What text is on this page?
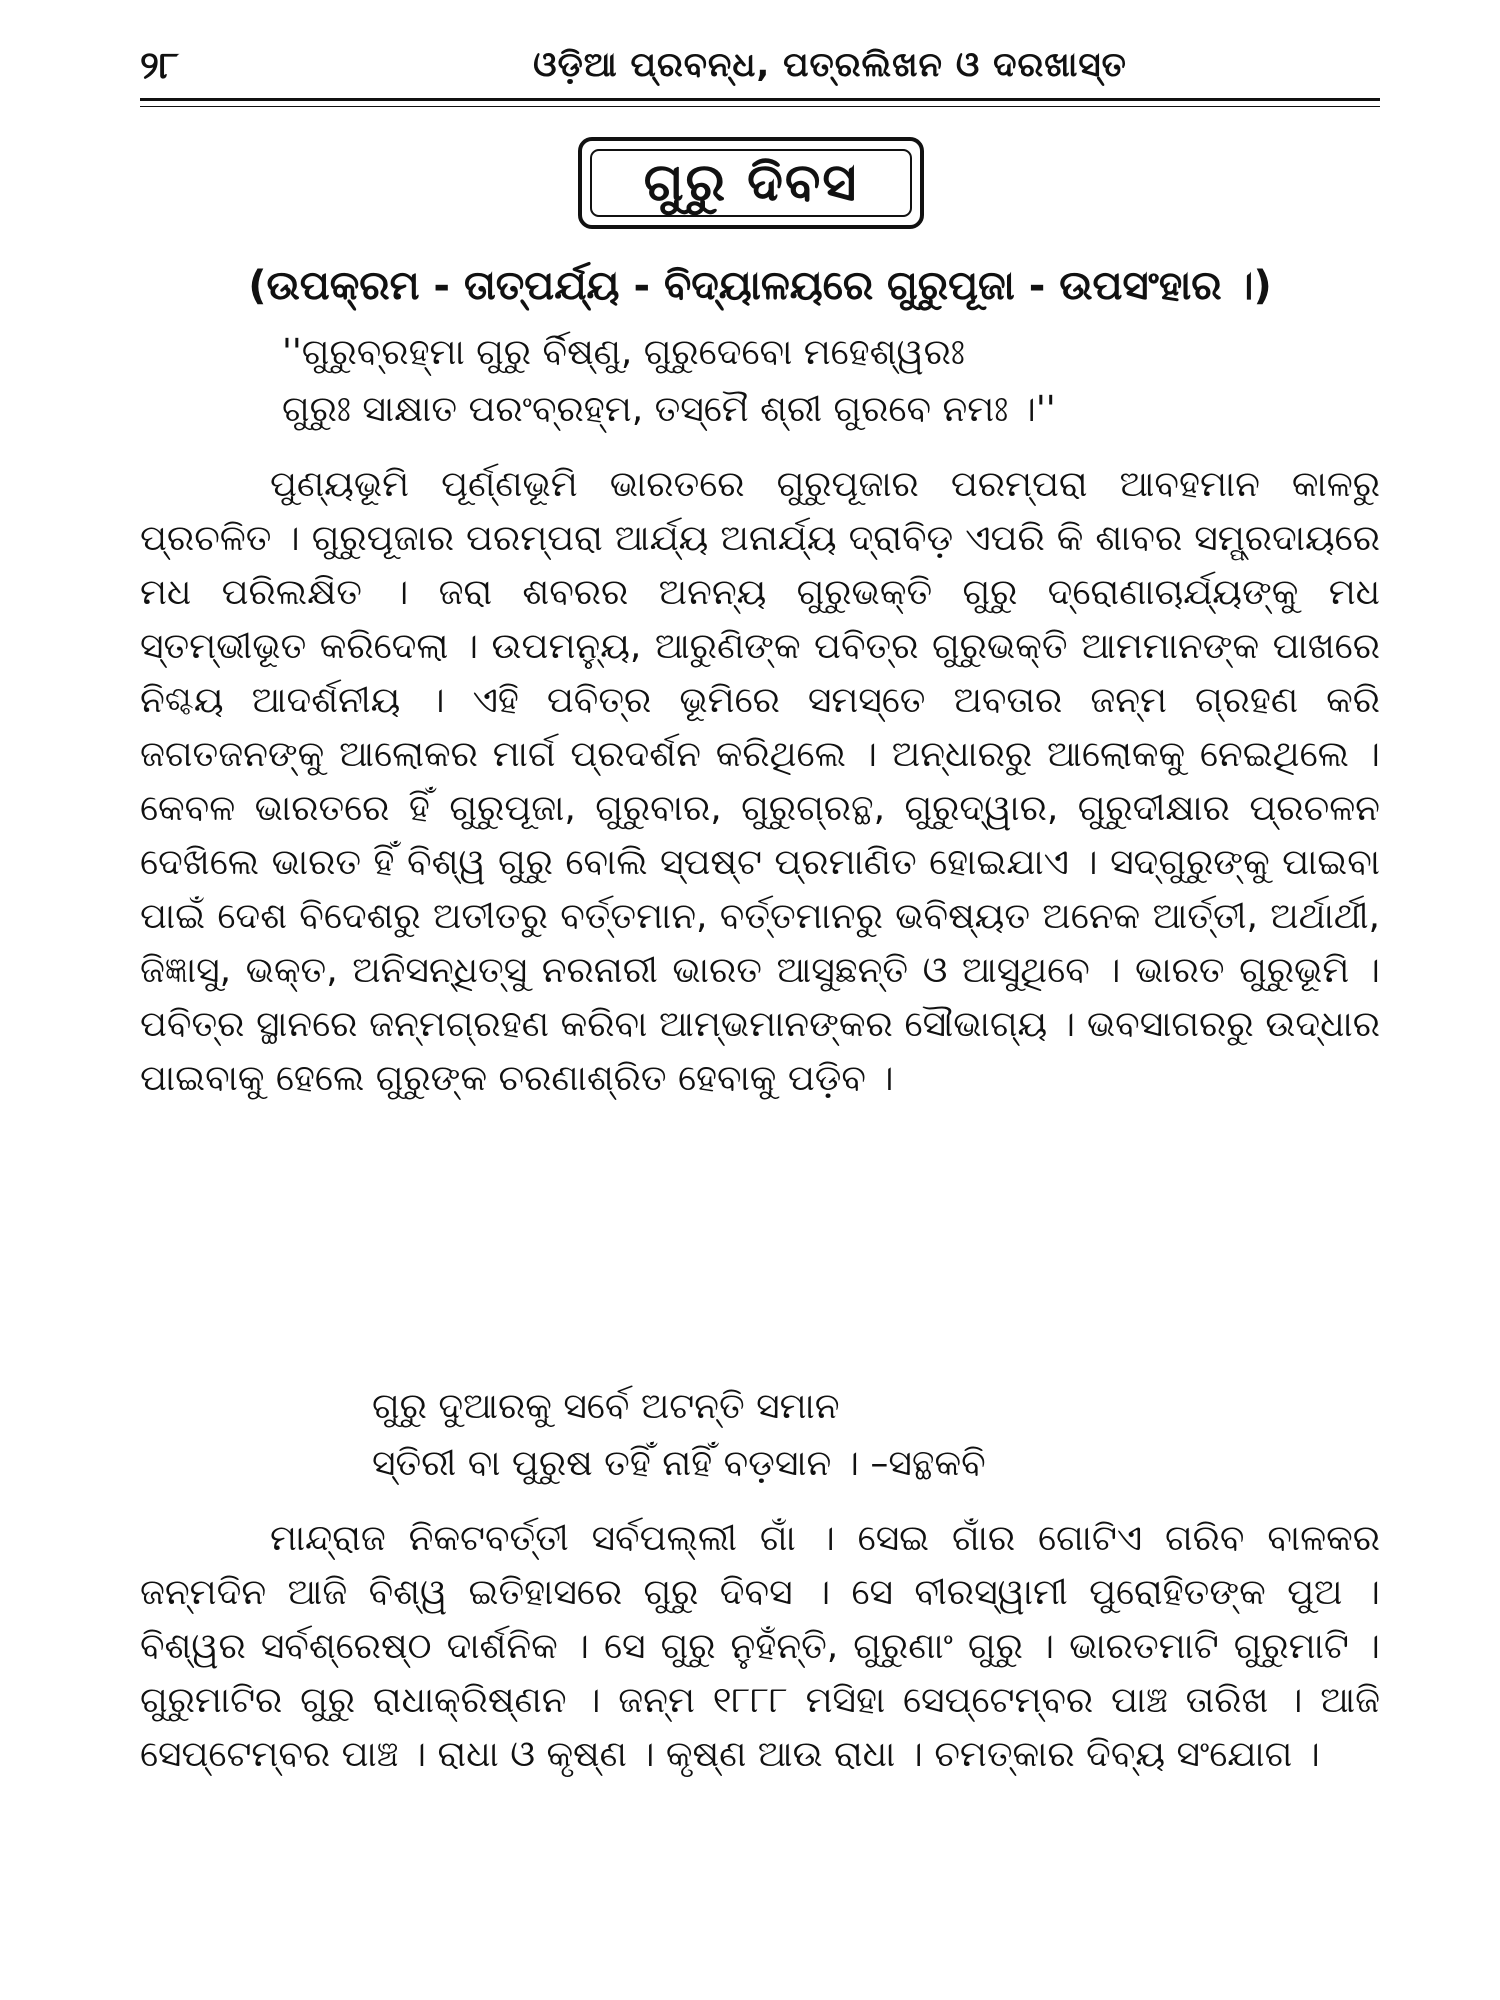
୨୮	ଓଡ଼ିଆ ପ୍ରବନ୍ଧ, ପତ୍ରଲିଖନ ଓ ଦରଖାସ୍ତ
ଗୁରୁ ଦିବସ
(ଉପକ୍ରମ - ତାତ୍ପର୍ଯ୍ୟ - ବିଦ୍ୟାଳୟରେ ଗୁରୁପୂଜା - ଉପସଂହାର ।)
''ଗୁରୁବ୍ରହ୍ମା ଗୁରୁ ର୍ବିଷ୍ଣୁ, ଗୁରୁଦେବୋ ମହେଶ୍ୱରଃ
ଗୁରୁଃ ସାକ୍ଷାତ ପରଂବ୍ରହ୍ମ, ତସ୍ମୈ ଶ୍ରୀ ଗୁରବେ ନମଃ ।''

ପୁଣ୍ୟଭୂମି ପୂର୍ଣ୍ଣଭୂମି ଭାରତରେ ଗୁରୁପୂଜାର ପରମ୍ପରା ଆବହମାନ କାଳରୁ ପ୍ରଚଳିତ । ଗୁରୁପୂଜାର ପରମ୍ପରା ଆର୍ଯ୍ୟ ଅନାର୍ଯ୍ୟ ଦ୍ରାବିଡ଼ ଏପରି କି ଶାବର ସମ୍ପ୍ରଦାୟରେ ମଧ ପରିଲକ୍ଷିତ । ଜରା ଶବରର ଅନନ୍ୟ ଗୁରୁଭକ୍ତି ଗୁରୁ ଦ୍ରୋଣାଚାର୍ଯ୍ୟଙ୍କୁ ମଧ ସ୍ତମ୍ଭୀଭୂତ କରିଦେଲା । ଉପମନ୍ୟୁ, ଆରୁଣିଙ୍କ ପବିତ୍ର ଗୁରୁଭକ୍ତି ଆମମାନଙ୍କ ପାଖରେ ନିଶ୍ଚୟ ଆଦର୍ଶନୀୟ । ଏହି ପବିତ୍ର ଭୂମିରେ ସମସ୍ତେ ଅବତାର ଜନ୍ମ ଗ୍ରହଣ କରି ଜଗତଜନଙ୍କୁ ଆଲୋକର ମାର୍ଗ ପ୍ରଦର୍ଶନ କରିଥିଲେ । ଅନ୍ଧାରରୁ ଆଲୋକକୁ ନେଇଥିଲେ । କେବଳ ଭାରତରେ ହିଁ ଗୁରୁପୂଜା, ଗୁରୁବାର, ଗୁରୁଗ୍ରନ୍ଥ, ଗୁରୁଦ୍ୱାର, ଗୁରୁଦୀକ୍ଷାର ପ୍ରଚଳନ ଦେଖିଲେ ଭାରତ ହିଁ ବିଶ୍ୱ ଗୁରୁ ବୋଲି ସ୍ପଷ୍ଟ ପ୍ରମାଣିତ ହୋଇଯାଏ । ସଦ୍‌ଗୁରୁଙ୍କୁ ପାଇବା ପାଇଁ ଦେଶ ବିଦେଶରୁ ଅତୀତରୁ ବର୍ତ୍ତମାନ, ବର୍ତ୍ତମାନରୁ ଭବିଷ୍ୟତ ଅନେକ ଆର୍ତ୍ତୀ, ଅର୍ଥାର୍ଥୀ, ଜିଜ୍ଞାସୁ, ଭକ୍ତ, ଅନିସନ୍ଧିତ୍ସୁ ନରନାରୀ ଭାରତ ଆସୁଛନ୍ତି ଓ ଆସୁଥିବେ । ଭାରତ ଗୁରୁଭୂମି । ପବିତ୍ର ସ୍ଥାନରେ ଜନ୍ମଗ୍ରହଣ କରିବା ଆମ୍ଭମାନଙ୍କର ସୌଭାଗ୍ୟ । ଭବସାଗରରୁ ଉଦ୍ଧାର ପାଇବାକୁ ହେଲେ ଗୁରୁଙ୍କ ଚରଣାଶ୍ରିତ ହେବାକୁ ପଡ଼ିବ ।

ଗୁରୁ ଦୁଆରକୁ ସର୍ବେ ଅଟନ୍ତି ସମାନ
ସ୍ତିରୀ ବା ପୁରୁଷ ତହିଁ ନାହିଁ ବଡ଼ସାନ । –ସନ୍ଥକବି

ମାନ୍ଦ୍ରାଜ ନିକଟବର୍ତ୍ତୀ ସର୍ବପଲ୍ଲୀ ଗାଁ । ସେଇ ଗାଁର ଗୋଟିଏ ଗରିବ ବାଳକର ଜନ୍ମଦିନ ଆଜି ବିଶ୍ୱ ଇତିହାସରେ ଗୁରୁ ଦିବସ । ସେ ବୀରସ୍ୱାମୀ ପୁରୋହିତଙ୍କ ପୁଅ । ବିଶ୍ୱର ସର୍ବଶ୍ରେଷ୍ଠ ଦାର୍ଶନିକ । ସେ ଗୁରୁ ନୁହଁନ୍ତି, ଗୁରୁଣାଂ ଗୁରୁ । ଭାରତମାଟି ଗୁରୁମାଟି । ଗୁରୁମାଟିର ଗୁରୁ ରାଧାକ୍ରିଷ୍ଣନ । ଜନ୍ମ ୧୮୮୮ ମସିହା ସେପ୍ଟେମ୍ବର ପାଞ୍ଚ ତାରିଖ । ଆଜି ସେପ୍ଟେମ୍ବର ପାଞ୍ଚ । ରାଧା ଓ କୃଷ୍ଣ । କୃଷ୍ଣ ଆଉ ରାଧା । ଚମତ୍କାର ଦିବ୍ୟ ସଂଯୋଗ ।
